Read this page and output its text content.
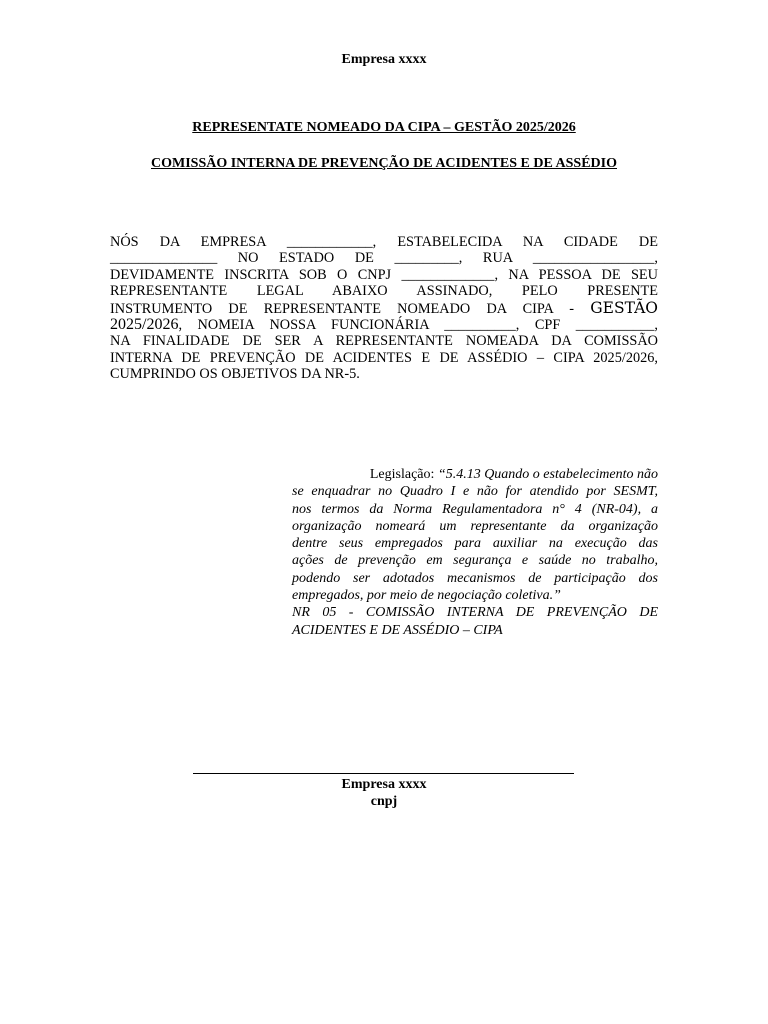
Empresa xxxx
REPRESENTATE NOMEADO DA CIPA – GESTÃO 2025/2026
COMISSÃO INTERNA DE PREVENÇÃO DE ACIDENTES E DE ASSÉDIO
NÓS DA EMPRESA ____________, ESTABELECIDA NA CIDADE DE
_______________ NO ESTADO DE _________, RUA _________________,
DEVIDAMENTE INSCRITA SOB O CNPJ _____________, NA PESSOA DE SEU
REPRESENTANTE LEGAL ABAIXO ASSINADO, PELO PRESENTE
INSTRUMENTO DE REPRESENTANTE NOMEADO DA CIPA - GESTÃO
2025/2026, NOMEIA NOSSA FUNCIONÁRIA __________, CPF ___________,
NA FINALIDADE DE SER A REPRESENTANTE NOMEADA DA COMISSÃO
INTERNA DE PREVENÇÃO DE ACIDENTES E DE ASSÉDIO – CIPA 2025/2026,
CUMPRINDO OS OBJETIVOS DA NR-5.
Legislação: “5.4.13 Quando o estabelecimento não
se enquadrar no Quadro I e não for atendido por SESMT,
nos termos da Norma Regulamentadora n° 4 (NR-04), a
organização nomeará um representante da organização
dentre seus empregados para auxiliar na execução das
ações de prevenção em segurança e saúde no trabalho,
podendo ser adotados mecanismos de participação dos
empregados, por meio de negociação coletiva.”
NR 05 - COMISSÃO INTERNA DE PREVENÇÃO DE
ACIDENTES E DE ASSÉDIO – CIPA
Empresa xxxx
cnpj
